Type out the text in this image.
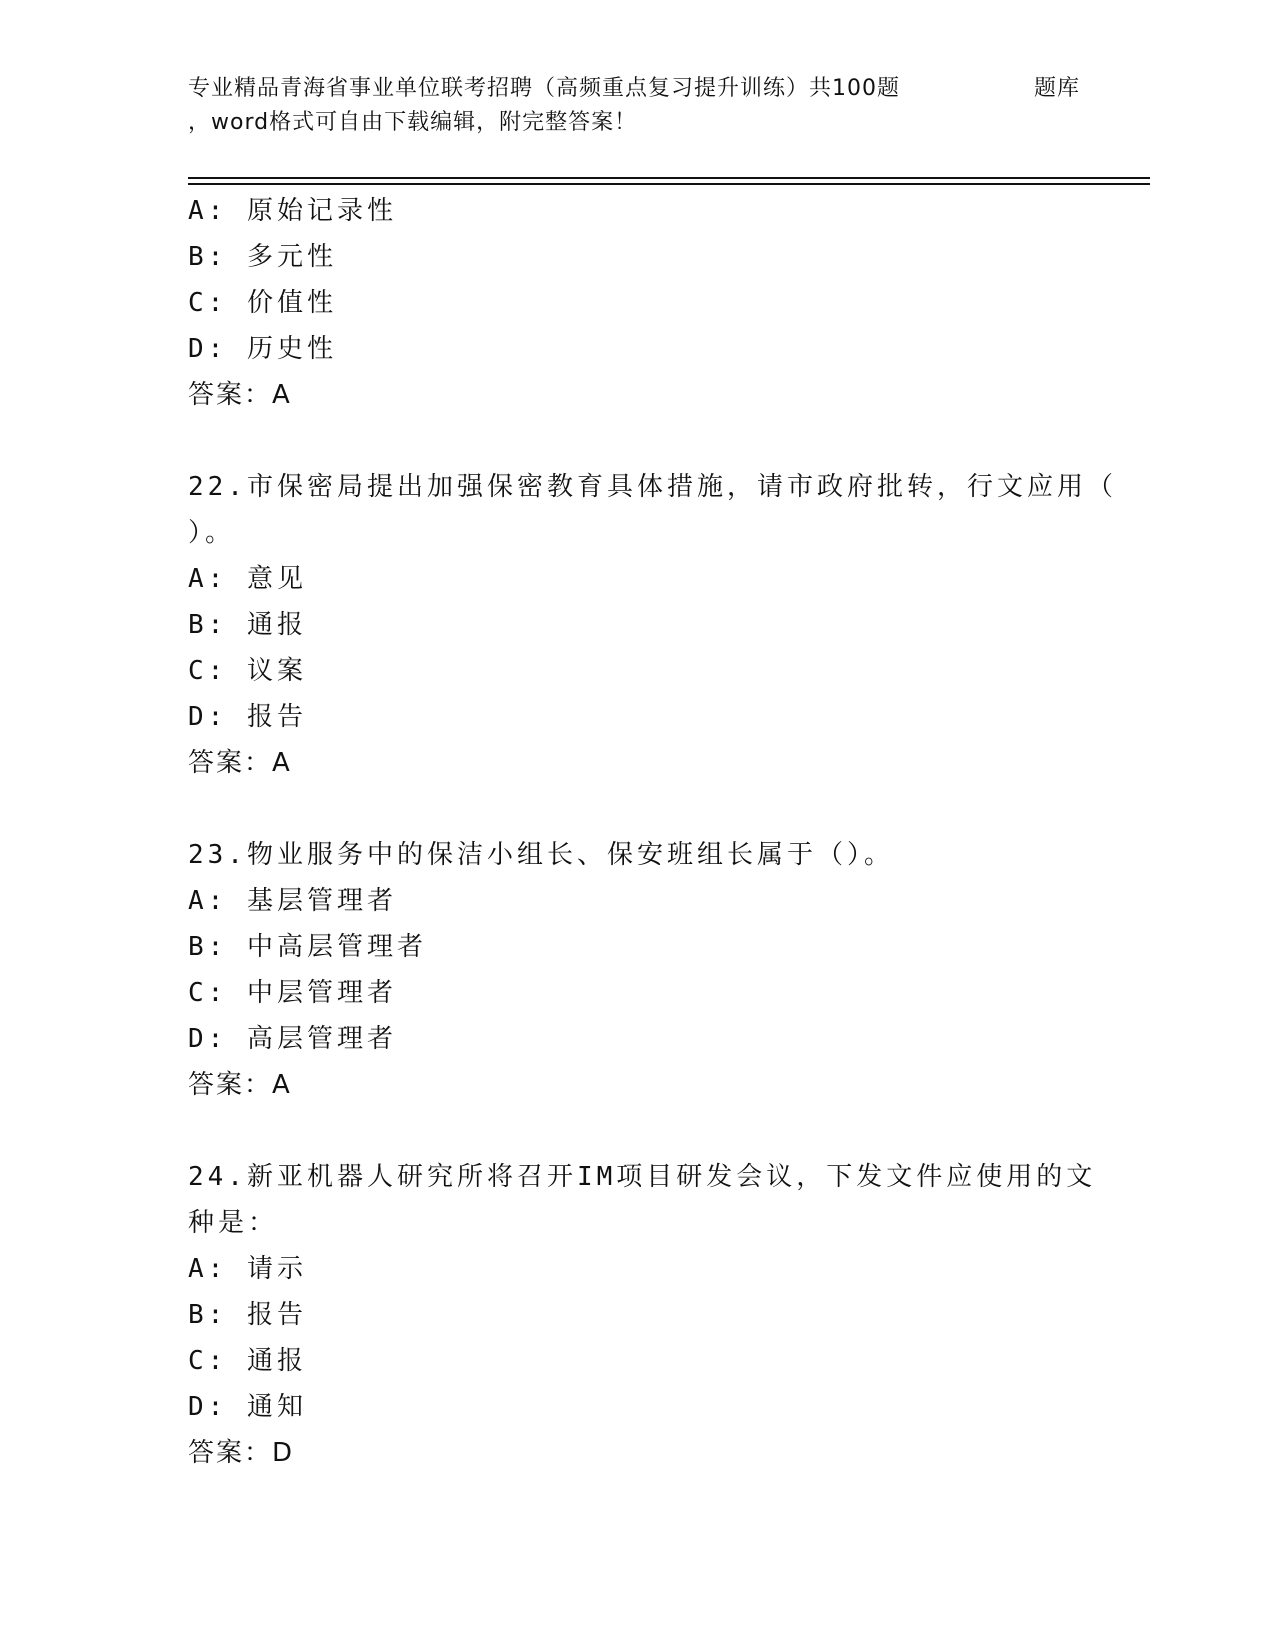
专业精品青海省事业单位联考招聘（高频重点复习提升训练）共100题	题库
，word格式可自由下载编辑，附完整答案！
A: 原始记录性
B: 多元性
C: 价值性
D: 历史性
答案：A
22.市保密局提出加强保密教育具体措施，请市政府批转，行文应用（
）。
A: 意见
B: 通报
C: 议案
D: 报告
答案：A
23.物业服务中的保洁小组长、保安班组长属于（）。
A: 基层管理者
B: 中高层管理者
C: 中层管理者
D: 高层管理者
答案：A
24.新亚机器人研究所将召开IM项目研发会议，下发文件应使用的文
种是：
A: 请示
B: 报告
C: 通报
D: 通知
答案：D
